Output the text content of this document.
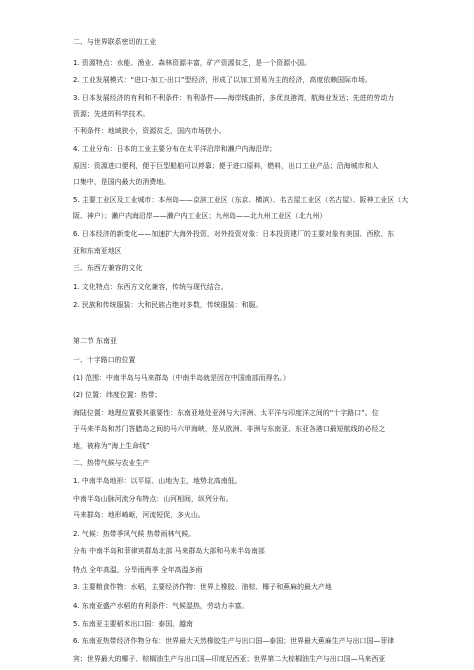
二、与世界联系密切的工业
1. 资源特点：水能、渔业、森林资源丰富，矿产资源贫乏，是一个资源小国。
2. 工业发展模式：“进口-加工-出口”型经济，形成了以加工贸易为主的经济，高度依赖国际市场。
3. 日本发展经济的有利和不利条件：有利条件——海岸线曲折，多优良港湾，航海业发达；先进的劳动力
资源；先进的科学技术。
不利条件：地域狭小，资源贫乏，国内市场狭小。
4. 工业分布：日本的工业主要分布在太平洋沿岸和濑户内海沿岸；
原因：资源进口便利，便于巨型船舶可以停靠；便于进口原料，燃料，出口工业产品；沿海城市和人
口集中，是国内最大的消费地。
5. 主要工业区及工业城市：本州岛——京滨工业区（东京、横滨）、名古屋工业区（名古屋）、阪神工业区（大
阪、神户）；濑户内海沿岸——濑户内工业区；九州岛——北九州工业区（北九州）
6. 日本经济的新变化——加速扩大海外投资，对外投资对象：日本投资建厂的主要对象有美国、西欧、东
亚和东南亚地区
三、东西方兼容的文化
1. 文化特点：东西方文化兼容，传统与现代结合。
2. 民族和传统服装：大和民族占绝对多数，传统服装：和服。
第二节 东南亚
一、十字路口的位置
(1) 范围：中南半岛与马来群岛（中南半岛就是因在中国南部而得名。）
(2) 位置：纬度位置：热带；
海陆位置：地理位置极其重要性：东南亚地处亚洲与大洋洲、太平洋与印度洋之间的“十字路口”。位
于马来半岛和苏门答腊岛之间的马六甲海峡，是从欧洲、非洲与东南亚、东亚各港口最短航线的必经之
地，被称为“海上生命线”
二、热带气候与农业生产
1. 中南半岛地形：以平原、山地为主，地势北高南低。
中南半岛山脉河流分布特点：山河相间，纵列分布。
马来群岛：地形崎岖，河流短促，多火山。
2. 气候：热带季风气候 热带雨林气候。
分布 中南半岛和菲律宾群岛北部 马来群岛大部和马来半岛南部
特点 全年高温，分旱雨两季 全年高温多雨
3. 主要粮食作物：水稻，主要经济作物：世界上橡胶、油棕、椰子和蕉麻的最大产地
4. 东南亚盛产水稻的有利条件：气候湿热，劳动力丰富。
5. 东南亚主要稻米出口国：泰国、越南
6. 东南亚热带经济作物分布：世界最大天然橡胶生产与出口国—泰国；世界最大蕉麻生产与出口国—菲律
宾；世界最大的椰子、棕榈油生产与出口国—印度尼西亚；世界第二大棕榈油生产与出口国—马来西亚
